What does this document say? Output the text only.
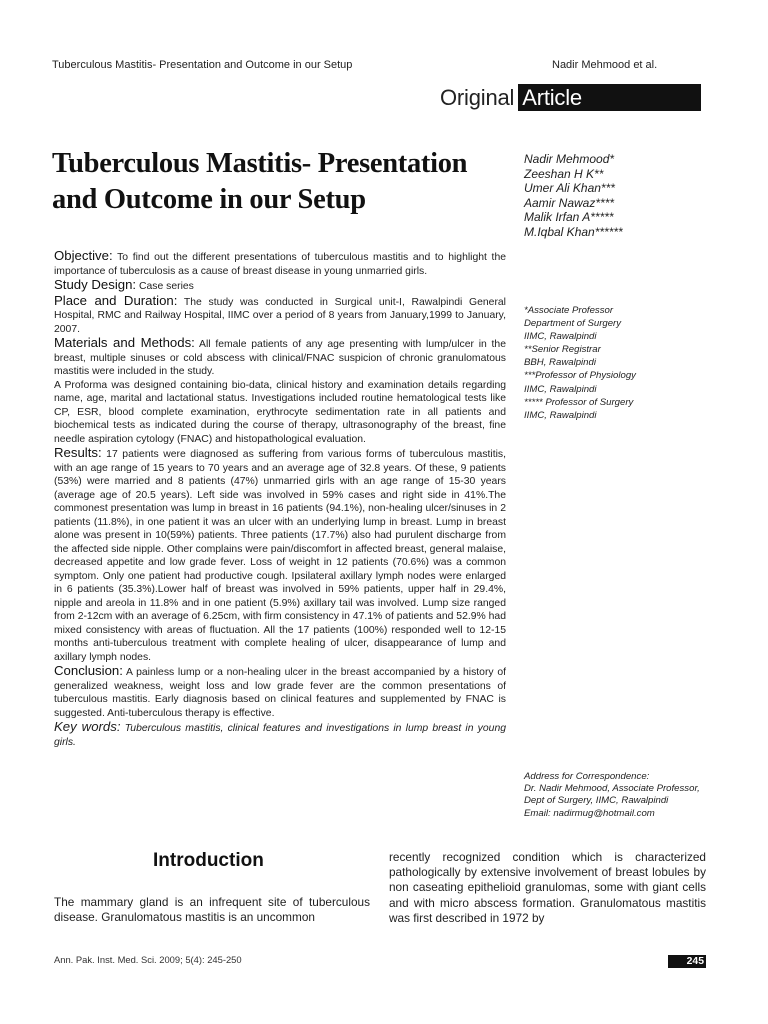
Tuberculous Mastitis- Presentation and Outcome in our Setup	Nadir Mehmood et al.
Original Article
Tuberculous Mastitis- Presentation and Outcome in our Setup
Nadir Mehmood*
Zeeshan H K**
Umer Ali Khan***
Aamir Nawaz****
Malik Irfan A*****
M.Iqbal Khan******
*Associate Professor
Department of Surgery
IIMC, Rawalpindi
**Senior Registrar
BBH, Rawalpindi
***Professor of Physiology
IIMC, Rawalpindi
***** Professor of Surgery
IIMC, Rawalpindi
Address for Correspondence:
Dr. Nadir Mehmood, Associate Professor,
Dept of Surgery, IIMC, Rawalpindi
Email: nadirmug@hotmail.com

Objective: To find out the different presentations of tuberculous mastitis and to highlight the importance of tuberculosis as a cause of breast disease in young unmarried girls.

Study Design: Case series

Place and Duration: The study was conducted in Surgical unit-I, Rawalpindi General Hospital, RMC and Railway Hospital, IIMC over a period of 8 years from January,1999 to January, 2007.

Materials and Methods: All female patients of any age presenting with lump/ulcer in the breast, multiple sinuses or cold abscess with clinical/FNAC suspicion of chronic granulomatous mastitis were included in the study.

A Proforma was designed containing bio-data, clinical history and examination details regarding name, age, marital and lactational status. Investigations included routine hematological tests like CP, ESR, blood complete examination, erythrocyte sedimentation rate in all patients and biochemical tests as indicated during the course of therapy, ultrasonography of the breast, fine needle aspiration cytology (FNAC) and histopathological evaluation.

Results: 17 patients were diagnosed as suffering from various forms of tuberculous mastitis, with an age range of 15 years to 70 years and an average age of 32.8 years. Of these, 9 patients (53%) were married and 8 patients (47%) unmarried girls with an age range of 15-30 years (average age of 20.5 years). Left side was involved in 59% cases and right side in 41%.The commonest presentation was lump in breast in 16 patients (94.1%), non-healing ulcer/sinuses in 2 patients (11.8%), in one patient it was an ulcer with an underlying lump in breast. Lump in breast alone was present in 10(59%) patients. Three patients (17.7%) also had purulent discharge from the affected side nipple. Other complains were pain/discomfort in affected breast, general malaise, decreased appetite and low grade fever. Loss of weight in 12 patients (70.6%) was a common symptom. Only one patient had productive cough. Ipsilateral axillary lymph nodes were enlarged in 6 patients (35.3%).Lower half of breast was involved in 59% patients, upper half in 29.4%, nipple and areola in 11.8% and in one patient (5.9%) axillary tail was involved. Lump size ranged from 2-12cm with an average of 6.25cm, with firm consistency in 47.1% of patients and 52.9% had mixed consistency with areas of fluctuation. All the 17 patients (100%) responded well to 12-15 months anti-tuberculous treatment with complete healing of ulcer, disappearance of lump and axillary lymph nodes.

Conclusion: A painless lump or a non-healing ulcer in the breast accompanied by a history of generalized weakness, weight loss and low grade fever are the common presentations of tuberculous mastitis. Early diagnosis based on clinical features and supplemented by FNAC is suggested. Anti-tuberculous therapy is effective.

Key words: Tuberculous mastitis, clinical features and investigations in lump breast in young girls.

Introduction

The mammary gland is an infrequent site of tuberculous disease. Granulomatous mastitis is an uncommon

recently recognized condition which is characterized pathologically by extensive involvement of breast lobules by non caseating epithelioid granulomas, some with giant cells and with micro abscess formation. Granulomatous mastitis was first described in 1972 by

Ann. Pak. Inst. Med. Sci. 2009; 5(4): 245-250	245
